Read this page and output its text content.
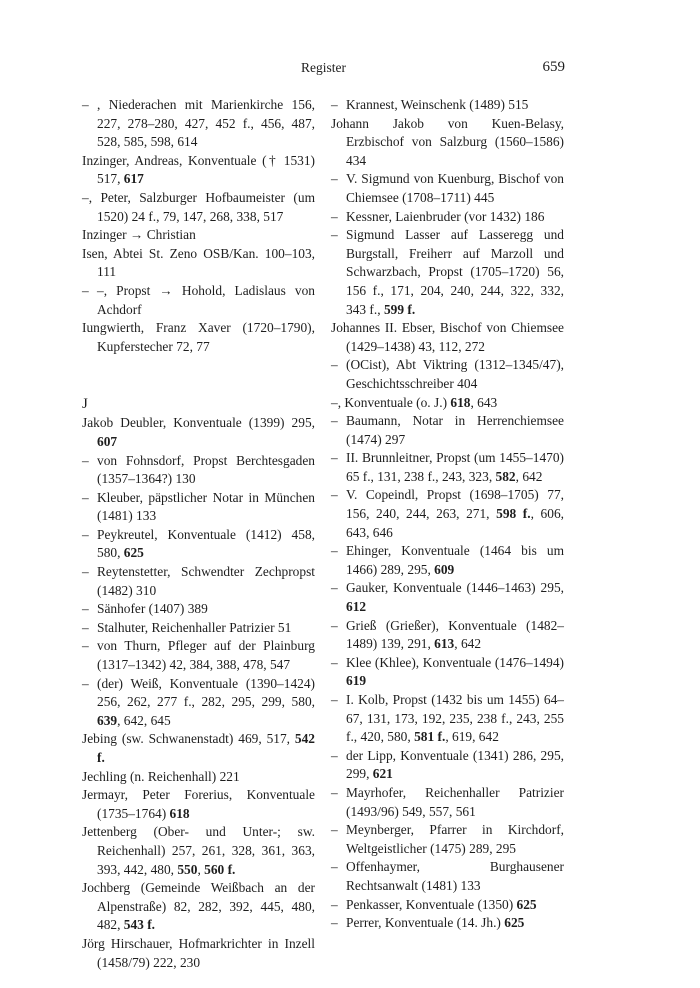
Register	659
– , Niederachen mit Marienkirche 156, 227, 278–280, 427, 452 f., 456, 487, 528, 585, 598, 614
Inzinger, Andreas, Konventuale († 1531) 517, 617
–, Peter, Salzburger Hofbaumeister (um 1520) 24 f., 79, 147, 268, 338, 517
Inzinger → Christian
Isen, Abtei St. Zeno OSB/Kan. 100–103, 111
– –, Propst → Hohold, Ladislaus von Achdorf
Iungwierth, Franz Xaver (1720–1790), Kupferstecher 72, 77
J
Jakob Deubler, Konventuale (1399) 295, 607
– von Fohnsdorf, Propst Berchtesgaden (1357–1364?) 130
– Kleuber, päpstlicher Notar in München (1481) 133
– Peykreutel, Konventuale (1412) 458, 580, 625
– Reytenstetter, Schwendter Zechpropst (1482) 310
– Sänhofer (1407) 389
– Stalhuter, Reichenhaller Patrizier 51
– von Thurn, Pfleger auf der Plainburg (1317–1342) 42, 384, 388, 478, 547
– (der) Weiß, Konventuale (1390–1424) 256, 262, 277 f., 282, 295, 299, 580, 639, 642, 645
Jebing (sw. Schwanenstadt) 469, 517, 542 f.
Jechling (n. Reichenhall) 221
Jermayr, Peter Forerius, Konventuale (1735–1764) 618
Jettenberg (Ober- und Unter-; sw. Reichenhall) 257, 261, 328, 361, 363, 393, 442, 480, 550, 560 f.
Jochberg (Gemeinde Weißbach an der Alpenstraße) 82, 282, 392, 445, 480, 482, 543 f.
Jörg Hirschauer, Hofmarkrichter in Inzell (1458/79) 222, 230
– Krannest, Weinschenk (1489) 515
Johann Jakob von Kuen-Belasy, Erzbischof von Salzburg (1560–1586) 434
– V. Sigmund von Kuenburg, Bischof von Chiemsee (1708–1711) 445
– Kessner, Laienbruder (vor 1432) 186
– Sigmund Lasser auf Lasseregg und Burgstall, Freiherr auf Marzoll und Schwarzbach, Propst (1705–1720) 56, 156 f., 171, 204, 240, 244, 322, 332, 343 f., 599 f.
Johannes II. Ebser, Bischof von Chiemsee (1429–1438) 43, 112, 272
– (OCist), Abt Viktring (1312–1345/47), Geschichtsschreiber 404
–, Konventuale (o. J.) 618, 643
– Baumann, Notar in Herrenchiemsee (1474) 297
– II. Brunnleitner, Propst (um 1455–1470) 65 f., 131, 238 f., 243, 323, 582, 642
– V. Copeindl, Propst (1698–1705) 77, 156, 240, 244, 263, 271, 598 f., 606, 643, 646
– Ehinger, Konventuale (1464 bis um 1466) 289, 295, 609
– Gauker, Konventuale (1446–1463) 295, 612
– Grieß (Grießer), Konventuale (1482–1489) 139, 291, 613, 642
– Klee (Khlee), Konventuale (1476–1494) 619
– I. Kolb, Propst (1432 bis um 1455) 64–67, 131, 173, 192, 235, 238 f., 243, 255 f., 420, 580, 581 f., 619, 642
– der Lipp, Konventuale (1341) 286, 295, 299, 621
– Mayrhofer, Reichenhaller Patrizier (1493/96) 549, 557, 561
– Meynberger, Pfarrer in Kirchdorf, Weltgeistlicher (1475) 289, 295
– Offenhaymer, Burghausener Rechtsanwalt (1481) 133
– Penkasser, Konventuale (1350) 625
– Perrer, Konventuale (14. Jh.) 625
